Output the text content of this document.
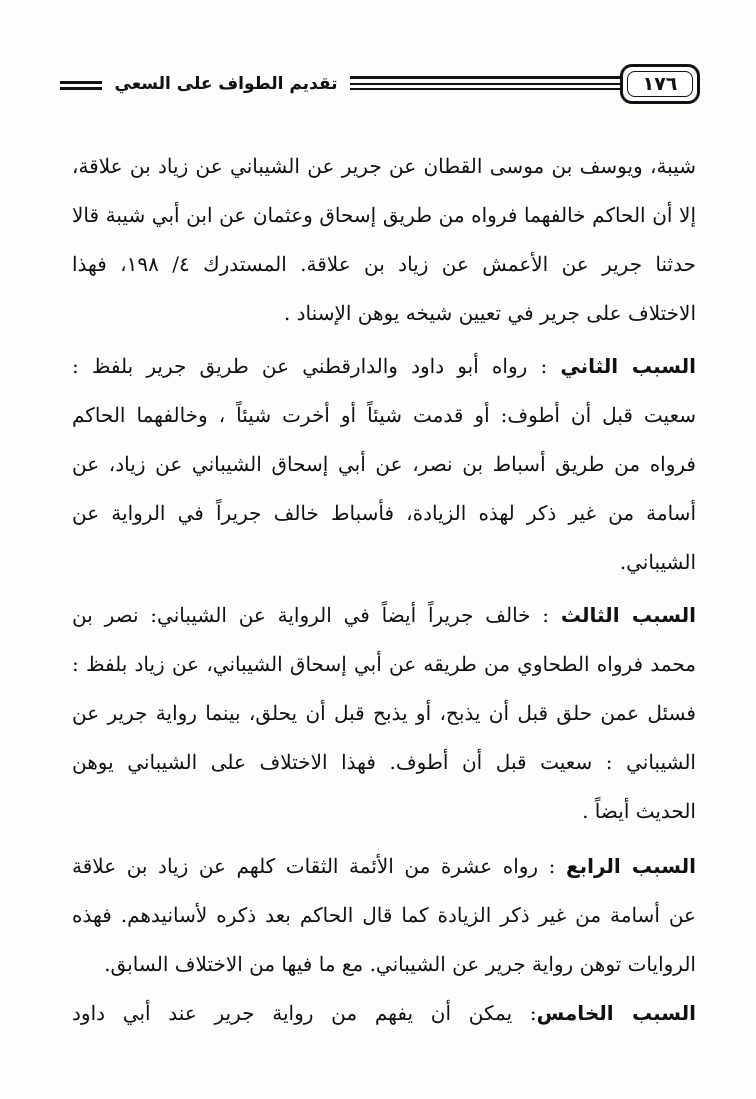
تقديم الطواف على السعي	١٧٦
شيبة، ويوسف بن موسى القطان عن جرير عن الشيباني عن زياد بن علاقة،
إلا أن الحاكم خالفهما فرواه من طريق إسحاق وعثمان عن ابن أبي شيبة قالا
حدثنا جرير عن الأعمش عن زياد بن علاقة. المستدرك ٤/ ١٩٨، فهذا
الاختلاف على جرير في تعيين شيخه يوهن الإسناد .
السبب الثاني : رواه أبو داود والدارقطني عن طريق جرير بلفظ :
سعيت قبل أن أطوف: أو قدمت شيئاً أو أخرت شيئاً ، وخالفهما الحاكم
فرواه من طريق أسباط بن نصر، عن أبي إسحاق الشيباني عن زياد، عن
أسامة من غير ذكر لهذه الزيادة، فأسباط خالف جريراً في الرواية عن
الشيباني.
السبب الثالث : خالف جريراً أيضاً في الرواية عن الشيباني: نصر بن
محمد فرواه الطحاوي من طريقه عن أبي إسحاق الشيباني، عن زياد بلفظ :
فسئل عمن حلق قبل أن يذبح، أو يذبح قبل أن يحلق، بينما رواية جرير عن
الشيباني : سعيت قبل أن أطوف. فهذا الاختلاف على الشيباني يوهن
الحديث أيضاً .
السبب الرابع : رواه عشرة من الأئمة الثقات كلهم عن زياد بن علاقة
عن أسامة من غير ذكر الزيادة كما قال الحاكم بعد ذكره لأسانيدهم. فهذه
الروايات توهن رواية جرير عن الشيباني. مع ما فيها من الاختلاف السابق.
السبب الخامس: يمكن أن يفهم من رواية جرير عند أبي داود
